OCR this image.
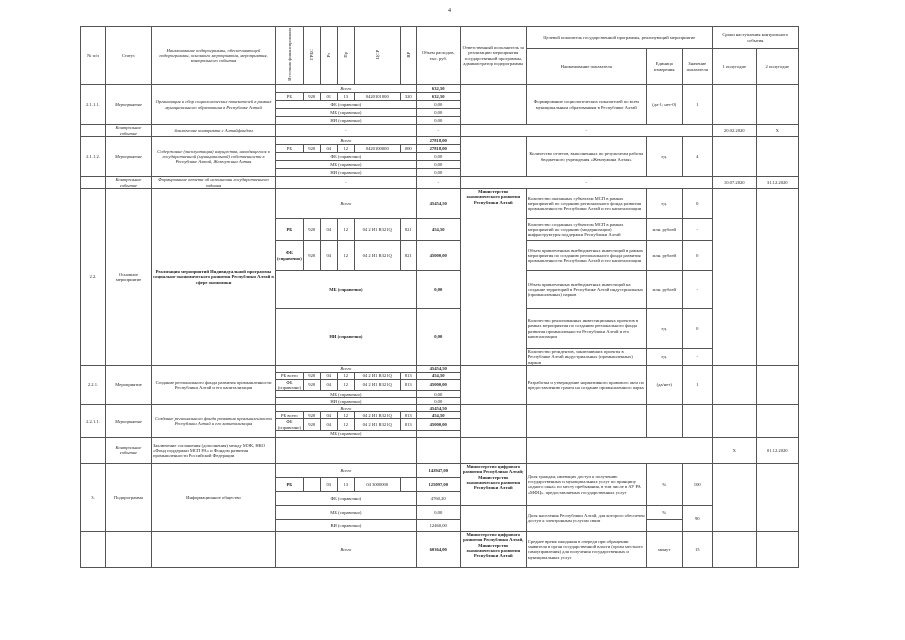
4
№ п/п	Статус	Наименование подпрограммы, обеспечивающей подпрограммы, основного мероприятия, мероприятия, контрольного события	Источник финансирования	ГРБС	Рз	Пр	ЦСР	ВР	Объем расходов, тыс. руб.	Ответственный исполнитель за реализацию мероприятия государственной программы, администратор подпрограммы	Целевой показатель государственной программы, реализующий мероприятие			Сроки наступления контрольного события	
											Наименование показателя	Единица измерения	Значение показателя	1 полугодие	2 полугодие
2.1.1.1.	Мероприятие	Организация и сбор социологических показателей в рамках муниципального образования в Республике Алтай	Всего						632,50		Формирование социологических показателей по всем муниципальным образованиям в Республике Алтай	(да-1; нет-0)	1		
			РБ	920	01	13	0420101000	320	632,50						
			ФБ (справочно)						0,00						
			МБ (справочно)						0,00						
			НИ (справочно)						0,00						
	Контрольное событие	Заключение контракта с Алтайфондом	-						-	-				20.02.2020	Х
2.1.1.2.	Мероприятие	Содержание (эксплуатация) имущества, находящегося в государственной (муниципальной) собственности в Республике Алтай, Жемчужина Алтая	Всего						27818,00		Количество отчетов, выполненных по результатам работы бюджетного учреждения «Жемчужина Алтая»	ед.	4		
			РБ	920	04	12	0420100000	000	27818,00						
			ФБ (справочно)						0,00						
			МБ (справочно)						0,00						
			НИ (справочно)						0,00						
	Контрольное событие	Формирование отчета об исполнении государственного задания	-						-	-				10.07.2020	31.12.2020
2.2.	Основное мероприятие	Реализация мероприятий Индивидуальной программы социально-экономического развития Республики Алтай в сфере экономики	Всего						45454,50	Министерство экономического развития Республики Алтай	Количество оказанных субъектам МСП в рамках мероприятий по созданию регионального фонда развития промышленности Республики Алтай и его капитализации	ед.	0		
			РБ	920	04	12	04 2 И1 R321Q	821	454,50		Количество созданных субъектом МСП в рамках мероприятий по созданию (модернизации) инфраструктуры поддержки Республики Алтай	млн. рублей	-		
			ФБ (справочно)	920	04	12	04 2 И1 R321Q	821	45000,00		Объем привлеченных внебюджетных инвестиций в рамках мероприятия по созданию регионального фонда развития промышленности Республики Алтай и его капитализации	млн. рублей	0		
			МБ (справочно)						0,00		Объем привлеченных внебюджетных инвестиций на создание территорий в Республике Алтай индустриальных (промышленных) парков	млн. рублей	-		
			НИ (справочно)						0,00		Количество реализованных инвестиционных проектов в рамках мероприятия по созданию регионального фонда развития промышленности Республики Алтай и его капитализации	ед.	0		
											Количество резидентов, заключивших проекты в Республике Алтай индустриальных (промышленных) парков	ед.	-		
2.2.1.	Мероприятие	Создание регионального фонда развития промышленности Республики Алтай и его капитализация	Всего						45454,50		Разработка и утверждение нормативного правового акта по предоставлению гранта на создание промышленного парка	(да/нет)	1		
			РБ всего	920	04	12	04 2 И1 R321Q	813	454,50						
			ФБ (справочно)	920	04	12	04 2 И1 R321Q	813	45000,00						
			МБ (справочно)						0,00						
			НИ (справочно)						0,00						
2.2.1.1.	Мероприятие	Создание регионального фонда развития промышленности Республики Алтай и его капитализация	Всего						45454,50						
			РБ всего	920	04	12	04 2 И1 R321Q	813	454,50						
			ФБ (справочно)	920	04	12	04 2 И1 R321Q	813	45000,00						
			МБ (справочно)												
	Контрольное событие	Заключение соглашения (дополнения) между МЭК, НКО «Фонд поддержки МСП РА» и Фондом развития промышленности Российской Федерации												Х	01.12.2020
3.	Подпрограмма	Информационное общество	Всего						142947,00	Министерство цифрового развития Республики Алтай; Министерство экономического развития Республики Алтай	Доля граждан, имеющих доступ к получению государственных и муниципальных услуг по принципу «одного окна» по месту пребывания, в том числе в АУ РА «МФЦ», предоставляемых государственных услуг	%	100		
			РБ		03	13	04 3000000		125097,00						
			ФБ (справочно)						4760,20						
			МБ (справочно)						0,00		Доля населения Республики Алтай, для которого обеспечен доступ к электронным услугам связи	%	90		
			ВИ (справочно)						12460,00						
			Всего						60364,00	Министерство цифрового развития Республики Алтай, Министерство экономического развития Республики Алтай	Среднее время ожидания в очереди при обращении заявителя в орган государственной власти (орган местного самоуправления) для получения государственных и муниципальных услуг	минут	15		
